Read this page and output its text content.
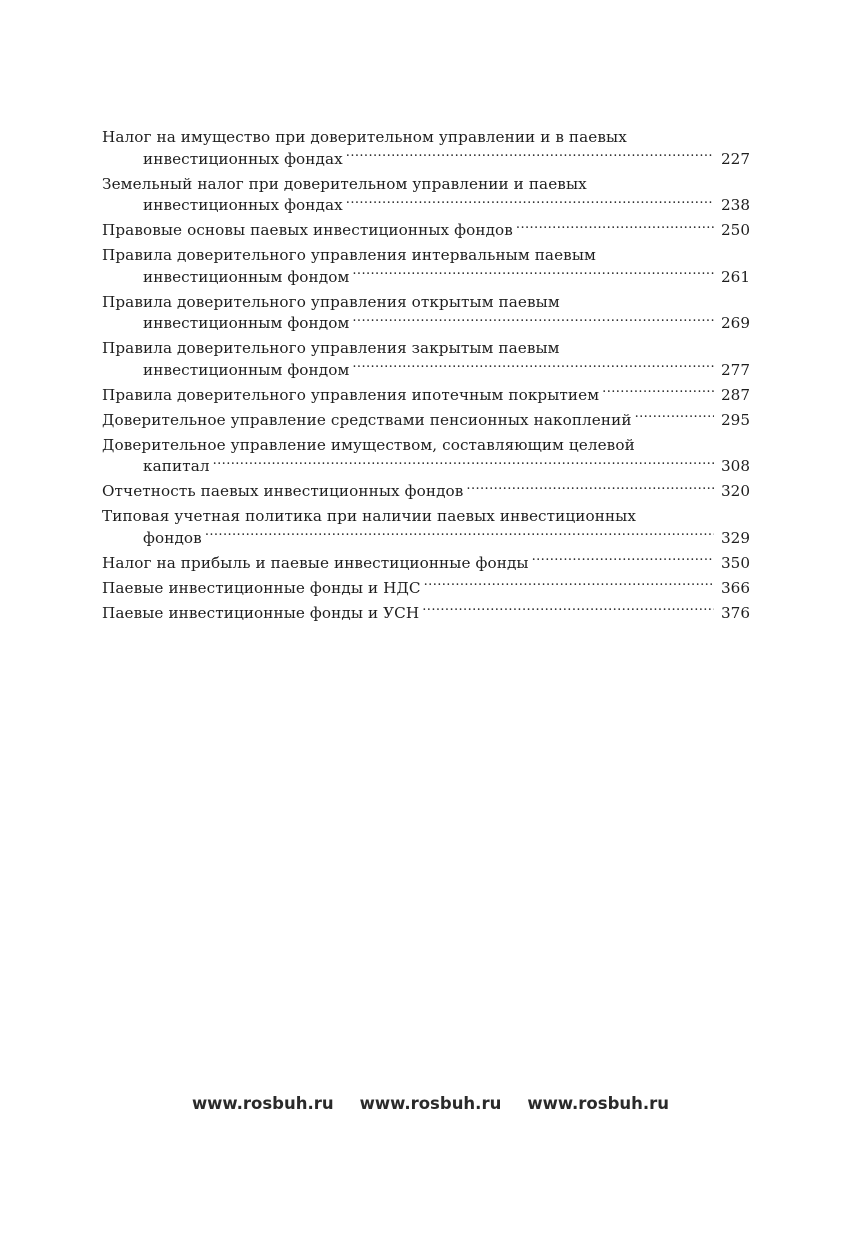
Налог на имущество при доверительном управлении и в паевых
инвестиционных фондах .....	227
Земельный налог при доверительном управлении и паевых
инвестиционных фондах .....	238
Правовые основы паевых инвестиционных фондов .....	250
Правила доверительного управления интервальным паевым
инвестиционным фондом .....	261
Правила доверительного управления открытым паевым
инвестиционным фондом .....	269
Правила доверительного управления закрытым паевым
инвестиционным фондом .....	277
Правила доверительного управления ипотечным покрытием .....	287
Доверительное управление средствами пенсионных накоплений .....	295
Доверительное управление имуществом, составляющим целевой
капитал .....	308
Отчетность паевых инвестиционных фондов .....	320
Типовая учетная политика при наличии паевых инвестиционных
фондов .....	329
Налог на прибыль и паевые инвестиционные фонды .....	350
Паевые инвестиционные фонды и НДС .....	366
Паевые инвестиционные фонды и УСН .....	376
www.rosbuh.ru www.rosbuh.ru www.rosbuh.ru
